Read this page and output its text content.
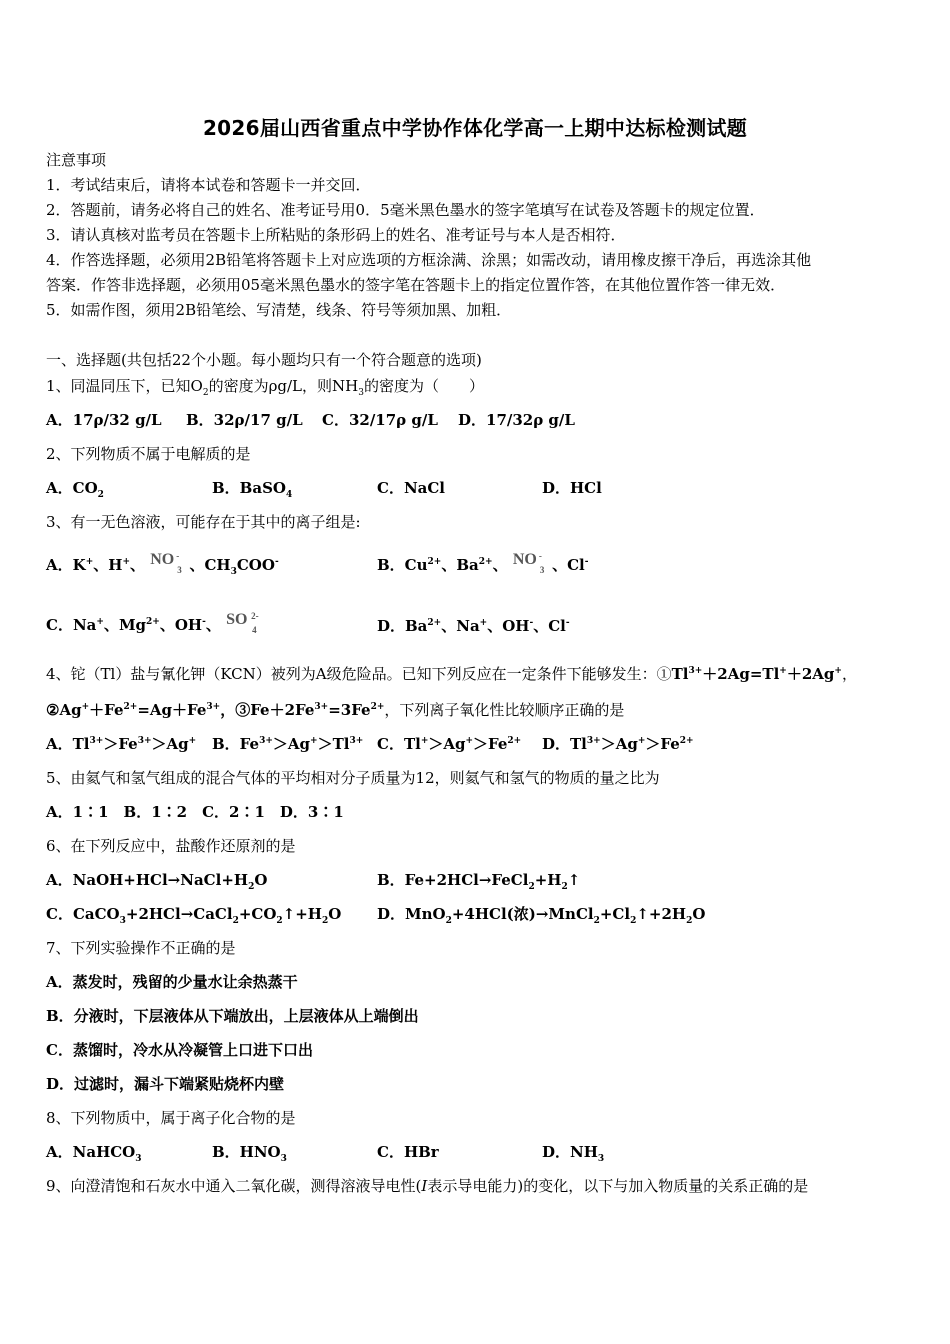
2026届山西省重点中学协作体化学高一上期中达标检测试题
注意事项
1．考试结束后，请将本试卷和答题卡一并交回．
2．答题前，请务必将自己的姓名、准考证号用0．5毫米黑色墨水的签字笔填写在试卷及答题卡的规定位置．
3．请认真核对监考员在答题卡上所粘贴的条形码上的姓名、准考证号与本人是否相符．
4．作答选择题，必须用2B铅笔将答题卡上对应选项的方框涂满、涂黑；如需改动，请用橡皮擦干净后，再选涂其他
答案．作答非选择题，必须用05毫米黑色墨水的签字笔在答题卡上的指定位置作答，在其他位置作答一律无效．
5．如需作图，须用2B铅笔绘、写清楚，线条、符号等须加黑、加粗．
一、选择题(共包括22个小题。每小题均只有一个符合题意的选项)
1、同温同压下，已知$O_2$的密度为ρg/L，则$NH_3$的密度为（　　）
A．17ρ/32 g/L B．32ρ/17 g/L C．32/17ρ g/L D．17/32ρ g/L
2、下列物质不属于电解质的是
A．$CO_2$	B．BaSO$_4$	C．NaCl	D．HCl
3、有一无色溶液，可能存在于其中的离子组是:
A．K+、H+、 NO -
3 、$CH_3COO^-$	B．$Cu^{2+}$、$Ba^{2+}$、 NO -
3 、Cl-
C．Na+、$Mg^{2+}$、OH-、 SO 2-
4	D．$Ba^{2+}$、Na+、OH-、Cl-
4、铊（Tl）盐与氰化钾（KCN）被列为A级危险品。已知下列反应在一定条件下能够发生：$①Tl^{3+}+2Ag=Tl^++2Ag^+$，
$②Ag^++Fe^{2+}=Ag+Fe^{3+}$，$③Fe+2Fe^{3+}=3Fe^{2+}$，下列离子氧化性比较顺序正确的是
A．$Tl^{3+}>Fe^{3+}>Ag^+$ B．$Fe^{3+}>Ag^+>Tl^{3+}$ C．$Tl^+>Ag^+>Fe^{2+}$ D．$Tl^{3+}>Ag^+>Fe^{2+}$
5、由氦气和氢气组成的混合气体的平均相对分子质量为12，则氦气和氢气的物质的量之比为
A．1∶1　B．1∶2　C．2∶1　D．3∶1
6、在下列反应中，盐酸作还原剂的是
A．$NaOH+HCl\to NaCl+H_2O$	B．$Fe+2HCl\to FeCl_2+H_2↑$
C．$CaCO_3+2HCl\to CaCl_2+CO_2↑+H_2O$ D．MnO$_2$+4HCl(浓)$\to MnCl_2+Cl_2↑+2H_2O$
7、下列实验操作不正确的是
A．蒸发时，残留的少量水让余热蒸干
B．分液时，下层液体从下端放出，上层液体从上端倒出
C．蒸馏时，冷水从冷凝管上口进下口出
D．过滤时，漏斗下端紧贴烧杯内壁
8、下列物质中，属于离子化合物的是
A．NaHCO$_3$	B．$HNO_3$	C．HBr	D．$NH_3$
9、向澄清饱和石灰水中通入二氧化碳，测得溶液导电性(I表示导电能力)的变化，以下与加入物质量的关系正确的是
